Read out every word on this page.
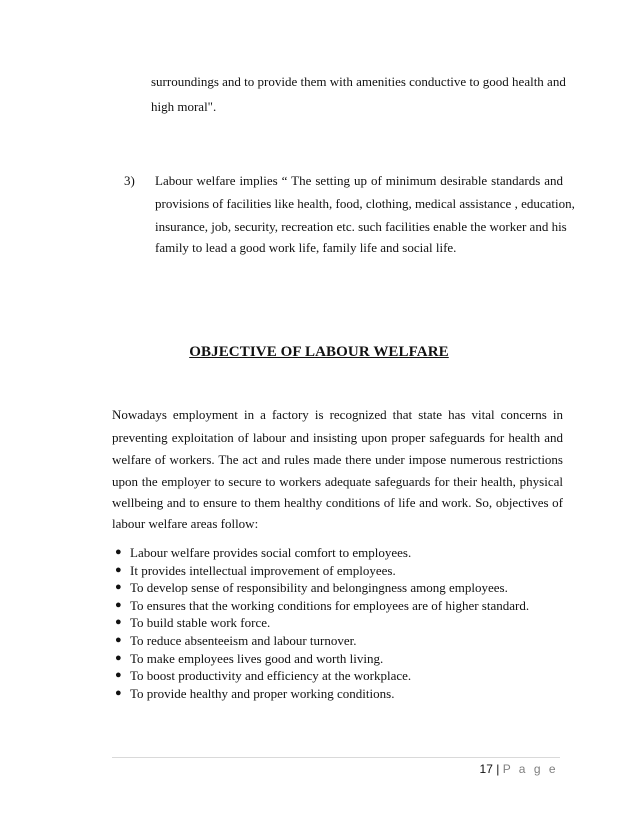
surroundings and to provide them with amenities conductive to good health and
high moral".
3) Labour welfare implies “ The setting up of minimum desirable standards and
provisions of facilities like health, food, clothing, medical assistance , education,
insurance, job, security, recreation etc. such facilities enable the worker and his
family to lead a good work life, family life and social life.
OBJECTIVE OF LABOUR WELFARE
Nowadays employment in a factory is recognized that state has vital concerns in
preventing exploitation of labour and insisting upon proper safeguards for health and
welfare of workers. The act and rules made there under impose numerous restrictions
upon the employer to secure to workers adequate safeguards for their health, physical
wellbeing and to ensure to them healthy conditions of life and work. So, objectives of
labour welfare areas follow:
● Labour welfare provides social comfort to employees.
● It provides intellectual improvement of employees.
● To develop sense of responsibility and belongingness among employees.
● To ensures that the working conditions for employees are of higher standard.
● To build stable work force.
● To reduce absenteeism and labour turnover.
● To make employees lives good and worth living.
● To boost productivity and efficiency at the workplace.
● To provide healthy and proper working conditions.
17 | P a g e
